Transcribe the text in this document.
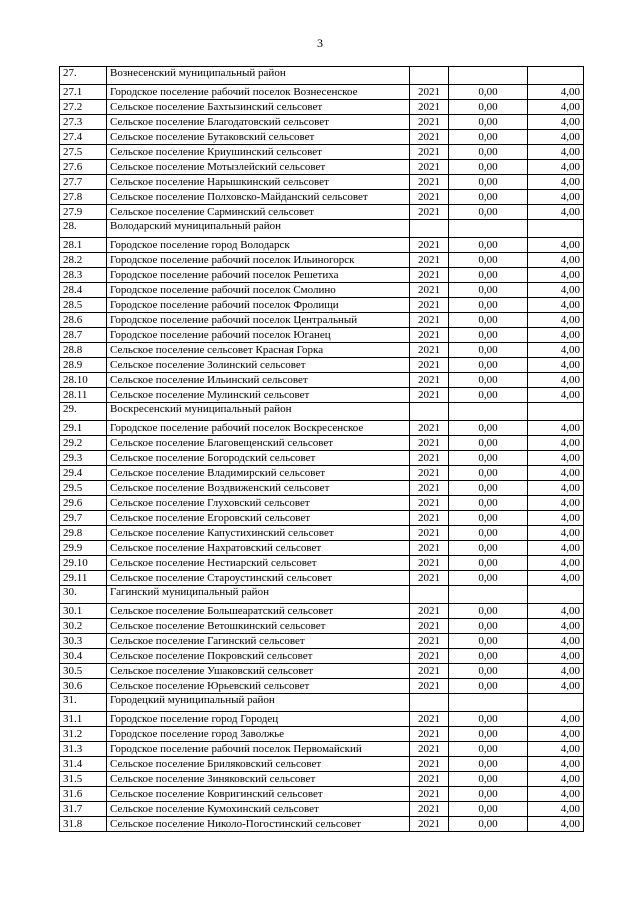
3
27.	Вознесенский муниципальный район			
27.1	Городское поселение рабочий поселок Вознесенское	2021	0,00	4,00
27.2	Сельское поселение Бахтызинский сельсовет	2021	0,00	4,00
27.3	Сельское поселение Благодатовский сельсовет	2021	0,00	4,00
27.4	Сельское поселение Бутаковский сельсовет	2021	0,00	4,00
27.5	Сельское поселение Криушинский сельсовет	2021	0,00	4,00
27.6	Сельское поселение Мотызлейский сельсовет	2021	0,00	4,00
27.7	Сельское поселение Нарышкинский сельсовет	2021	0,00	4,00
27.8	Сельское поселение Полховско-Майданский сельсовет	2021	0,00	4,00
27.9	Сельское поселение Сарминский сельсовет	2021	0,00	4,00
28.	Володарский муниципальный район			
28.1	Городское поселение город Володарск	2021	0,00	4,00
28.2	Городское поселение рабочий поселок Ильиногорск	2021	0,00	4,00
28.3	Городское поселение рабочий поселок Решетиха	2021	0,00	4,00
28.4	Городское поселение рабочий поселок Смолино	2021	0,00	4,00
28.5	Городское поселение рабочий поселок Фролищи	2021	0,00	4,00
28.6	Городское поселение рабочий поселок Центральный	2021	0,00	4,00
28.7	Городское поселение рабочий поселок Юганец	2021	0,00	4,00
28.8	Сельское поселение сельсовет Красная Горка	2021	0,00	4,00
28.9	Сельское поселение Золинский сельсовет	2021	0,00	4,00
28.10	Сельское поселение Ильинский сельсовет	2021	0,00	4,00
28.11	Сельское поселение Мулинский сельсовет	2021	0,00	4,00
29.	Воскресенский муниципальный район			
29.1	Городское поселение рабочий поселок Воскресенское	2021	0,00	4,00
29.2	Сельское поселение Благовещенский сельсовет	2021	0,00	4,00
29.3	Сельское поселение Богородский сельсовет	2021	0,00	4,00
29.4	Сельское поселение Владимирский сельсовет	2021	0,00	4,00
29.5	Сельское поселение Воздвиженский сельсовет	2021	0,00	4,00
29.6	Сельское поселение Глуховский сельсовет	2021	0,00	4,00
29.7	Сельское поселение Егоровский сельсовет	2021	0,00	4,00
29.8	Сельское поселение Капустихинский сельсовет	2021	0,00	4,00
29.9	Сельское поселение Нахратовский сельсовет	2021	0,00	4,00
29.10	Сельское поселение Нестиарский сельсовет	2021	0,00	4,00
29.11	Сельское поселение Староустинский сельсовет	2021	0,00	4,00
30.	Гагинский муниципальный район			
30.1	Сельское поселение Большеаратский сельсовет	2021	0,00	4,00
30.2	Сельское поселение Ветошкинский сельсовет	2021	0,00	4,00
30.3	Сельское поселение Гагинский сельсовет	2021	0,00	4,00
30.4	Сельское поселение Покровский сельсовет	2021	0,00	4,00
30.5	Сельское поселение Ушаковский сельсовет	2021	0,00	4,00
30.6	Сельское поселение Юрьевский сельсовет	2021	0,00	4,00
31.	Городецкий муниципальный район			
31.1	Городское поселение город Городец	2021	0,00	4,00
31.2	Городское поселение город Заволжье	2021	0,00	4,00
31.3	Городское поселение рабочий поселок Первомайский	2021	0,00	4,00
31.4	Сельское поселение Бриляковский сельсовет	2021	0,00	4,00
31.5	Сельское поселение Зиняковский сельсовет	2021	0,00	4,00
31.6	Сельское поселение Ковригинский сельсовет	2021	0,00	4,00
31.7	Сельское поселение Кумохинский сельсовет	2021	0,00	4,00
31.8	Сельское поселение Николо-Погостинский сельсовет	2021	0,00	4,00
